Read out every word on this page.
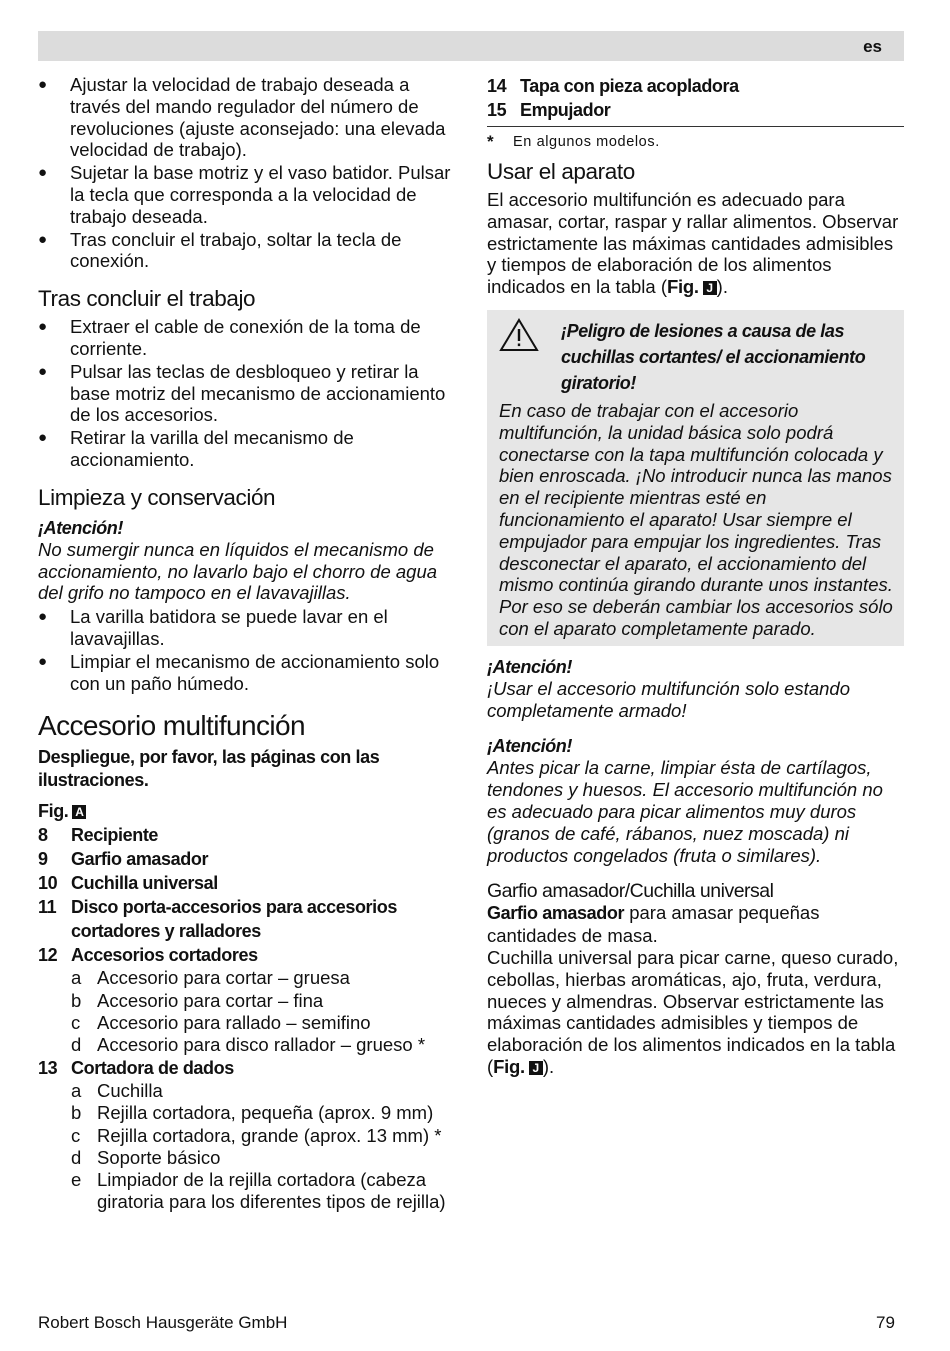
es
● Ajustar la velocidad de trabajo deseada a través del mando regulador del número de revoluciones (ajuste aconsejado: una elevada velocidad de trabajo).
● Sujetar la base motriz y el vaso batidor. Pulsar la tecla que corresponda a la velocidad de trabajo deseada.
● Tras concluir el trabajo, soltar la tecla de conexión.
Tras concluir el trabajo
● Extraer el cable de conexión de la toma de corriente.
● Pulsar las teclas de desbloqueo y retirar la base motriz del mecanismo de accionamiento de los accesorios.
● Retirar la varilla del mecanismo de accionamiento.
Limpieza y conservación
¡Atención!
No sumergir nunca en líquidos el mecanismo de accionamiento, no lavarlo bajo el chorro de agua del grifo no tampoco en el lavavajillas.
● La varilla batidora se puede lavar en el lavavajillas.
● Limpiar el mecanismo de accionamiento solo con un paño húmedo.
Accesorio multifunción
Despliegue, por favor, las páginas con las ilustraciones.
Fig. A
8	Recipiente
9	Garfio amasador
10 Cuchilla universal
11 Disco porta-accesorios para accesorios cortadores y ralladores
12 Accesorios cortadores
a Accesorio para cortar – gruesa
b Accesorio para cortar – fina
c Accesorio para rallado – semifino
d Accesorio para disco rallador – grueso *
13 Cortadora de dados
a Cuchilla
b Rejilla cortadora, pequeña (aprox. 9 mm)
c Rejilla cortadora, grande (aprox. 13 mm) *
d Soporte básico
e Limpiador de la rejilla cortadora (cabeza giratoria para los diferentes tipos de rejilla)
14 Tapa con pieza acopladora
15 Empujador
*	En algunos modelos.
Usar el aparato
El accesorio multifunción es adecuado para amasar, cortar, raspar y rallar alimentos. Observar estrictamente las máximas cantidades admisibles y tiempos de elaboración de los alimentos indicados en la tabla (Fig. J ).
¡Peligro de lesiones a causa de las cuchillas cortantes/ el accionamiento giratorio!
En caso de trabajar con el accesorio multifunción, la unidad básica solo podrá conectarse con la tapa multifunción colocada y bien enroscada. ¡No introducir nunca las manos en el recipiente mientras esté en funcionamiento el aparato! Usar siempre el empujador para empujar los ingredientes. Tras desconectar el aparato, el accionamiento del mismo continúa girando durante unos instantes. Por eso se deberán cambiar los accesorios sólo con el aparato completamente parado.
¡Atención!
¡Usar el accesorio multifunción solo estando completamente armado!
¡Atención!
Antes picar la carne, limpiar ésta de cartílagos, tendones y huesos. El accesorio multifunción no es adecuado para picar alimentos muy duros (granos de café, rábanos, nuez moscada) ni productos congelados (fruta o similares).
Garfio amasador/Cuchilla universal
Garfio amasador para amasar pequeñas cantidades de masa.
Cuchilla universal para picar carne, queso curado, cebollas, hierbas aromáticas, ajo, fruta, verdura, nueces y almendras. Observar estrictamente las máximas cantidades admisibles y tiempos de elaboración de los alimentos indicados en la tabla (Fig. J ).
Robert Bosch Hausgeräte GmbH	79
